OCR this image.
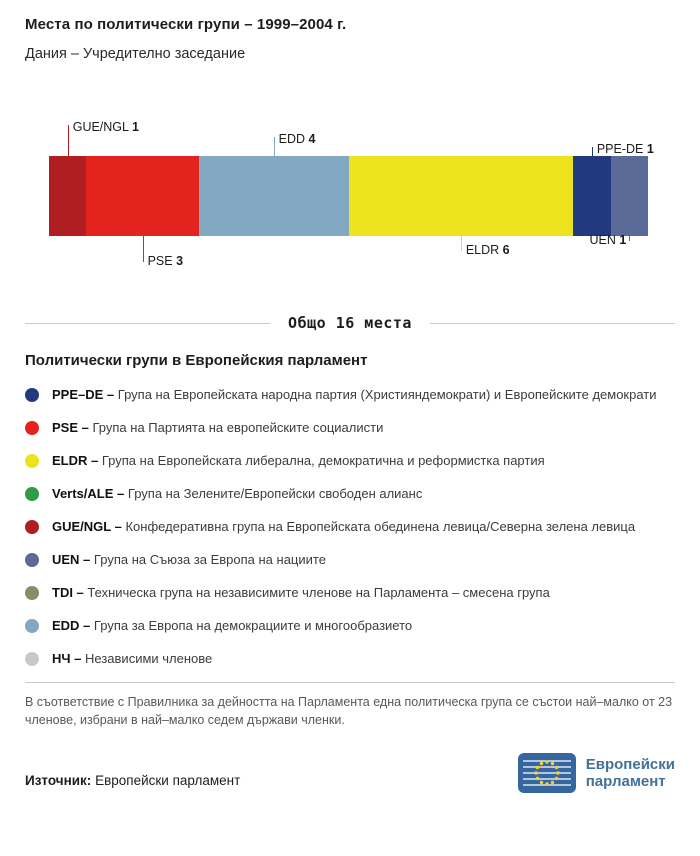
Места по политически групи – 1999–2004 г.
Дания – Учредително заседание
GUE/NGL 1
EDD 4
PPE-DE 1
PSE 3
ELDR 6
UEN 1
Общо 16 места
Политически групи в Европейския парламент

PPE–DE – Група на Европейската народна партия (Християндемократи) и Европейските демократи

PSE – Група на Партията на европейските социалисти

ELDR – Група на Европейската либерална, демократична и реформистка партия

Verts/ALE – Група на Зелените/Европейски свободен алианс

GUE/NGL – Конфедеративна група на Европейската обединена левица/Северна зелена левица

UEN – Група на Съюза за Европа на нациите

TDI – Техническа група на независимите членове на Парламента – смесена група

EDD – Група за Европа на демокрациите и многообразието

НЧ – Независими членове

В съответствие с Правилника за дейността на Парламента една политическа група се състои най–малко от 23 членове, избрани в най–малко седем държави членки.

Източник: Европейски парламент

Европейски
парламент
